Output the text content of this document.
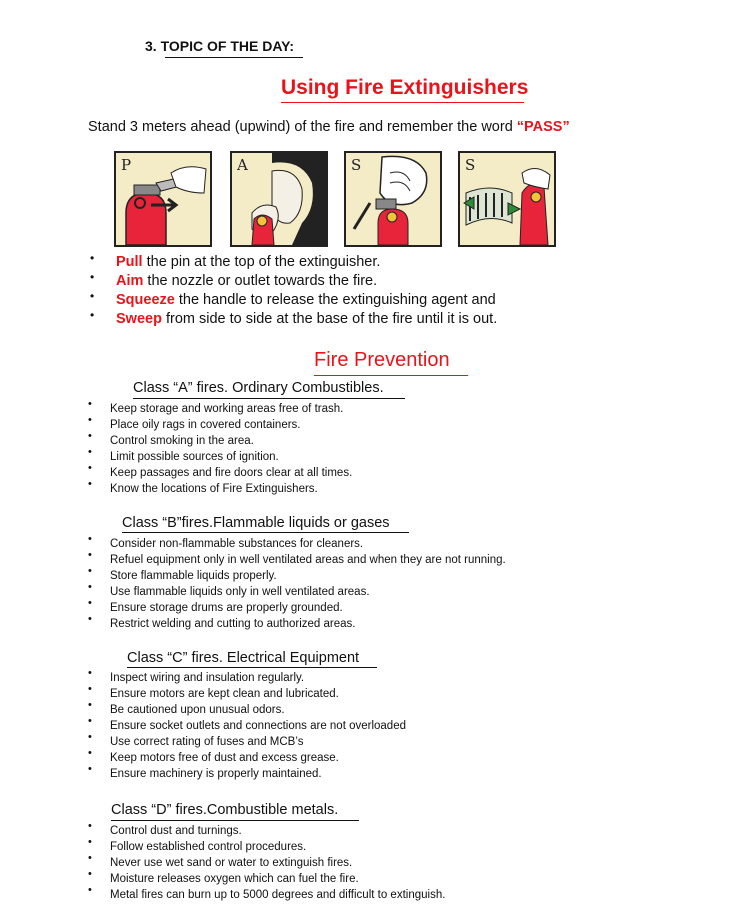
3. TOPIC OF THE DAY:
Using Fire Extinguishers
Stand 3 meters ahead (upwind) of the fire and remember the word “PASS”
P	A	S	S
• Pull the pin at the top of the extinguisher.
• Aim the nozzle or outlet towards the fire.
• Squeeze the handle to release the extinguishing agent and
• Sweep from side to side at the base of the fire until it is out.
Fire Prevention
Class “A” fires. Ordinary Combustibles.
• Keep storage and working areas free of trash.
• Place oily rags in covered containers.
• Control smoking in the area.
• Limit possible sources of ignition.
• Keep passages and fire doors clear at all times.
• Know the locations of Fire Extinguishers.
Class “B”fires.Flammable liquids or gases
• Consider non-flammable substances for cleaners.
• Refuel equipment only in well ventilated areas and when they are not running.
• Store flammable liquids properly.
• Use flammable liquids only in well ventilated areas.
• Ensure storage drums are properly grounded.
• Restrict welding and cutting to authorized areas.
Class “C” fires. Electrical Equipment
• Inspect wiring and insulation regularly.
• Ensure motors are kept clean and lubricated.
• Be cautioned upon unusual odors.
• Ensure socket outlets and connections are not overloaded
• Use correct rating of fuses and MCB’s
• Keep motors free of dust and excess grease.
• Ensure machinery is properly maintained.
Class “D” fires.Combustible metals.
• Control dust and turnings.
• Follow established control procedures.
• Never use wet sand or water to extinguish fires.
• Moisture releases oxygen which can fuel the fire.
• Metal fires can burn up to 5000 degrees and difficult to extinguish.
